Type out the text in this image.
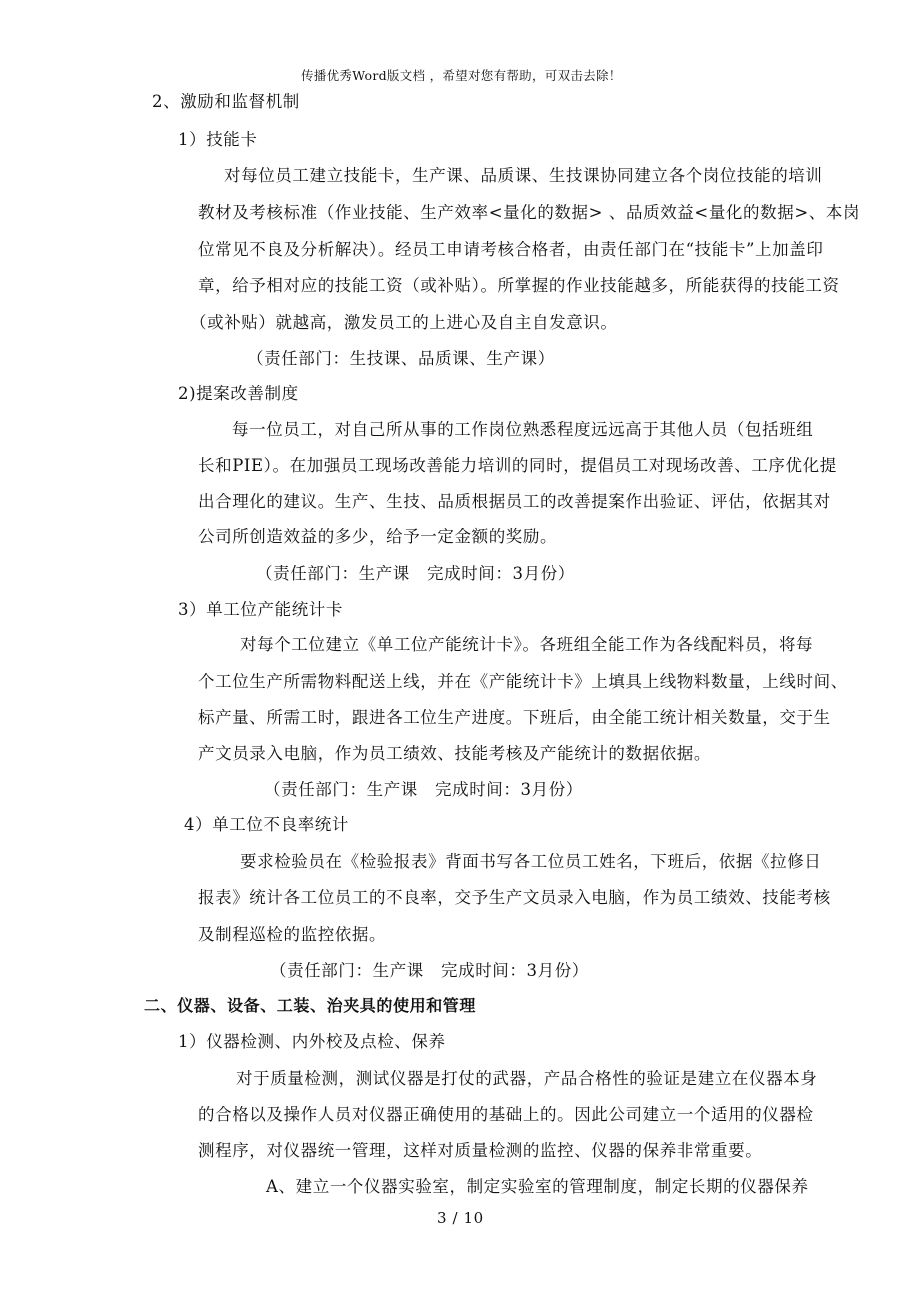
传播优秀Word版文档 ，希望对您有帮助，可双击去除！
2、激励和监督机制
1）技能卡
对每位员工建立技能卡，生产课、品质课、生技课协同建立各个岗位技能的培训
教材及考核标准（作业技能、生产效率<量化的数据> 、品质效益<量化的数据>、本岗
位常见不良及分析解决）。经员工申请考核合格者，由责任部门在“技能卡”上加盖印
章，给予相对应的技能工资（或补贴）。所掌握的作业技能越多，所能获得的技能工资
（或补贴）就越高，激发员工的上进心及自主自发意识。
（责任部门：生技课、品质课、生产课）
2)提案改善制度
每一位员工，对自己所从事的工作岗位熟悉程度远远高于其他人员（包括班组
长和PIE）。在加强员工现场改善能力培训的同时，提倡员工对现场改善、工序优化提
出合理化的建议。生产、生技、品质根据员工的改善提案作出验证、评估，依据其对
公司所创造效益的多少，给予一定金额的奖励。
（责任部门：生产课　完成时间：3月份）
3）单工位产能统计卡
对每个工位建立《单工位产能统计卡》。各班组全能工作为各线配料员，将每
个工位生产所需物料配送上线，并在《产能统计卡》上填具上线物料数量，上线时间、
标产量、所需工时，跟进各工位生产进度。下班后，由全能工统计相关数量，交于生
产文员录入电脑，作为员工绩效、技能考核及产能统计的数据依据。
（责任部门：生产课　完成时间：3月份）
4）单工位不良率统计
要求检验员在《检验报表》背面书写各工位员工姓名，下班后，依据《拉修日
报表》统计各工位员工的不良率，交予生产文员录入电脑，作为员工绩效、技能考核
及制程巡检的监控依据。
（责任部门：生产课　完成时间：3月份）
二、仪器、设备、工装、治夹具的使用和管理
1）仪器检测、内外校及点检、保养
对于质量检测，测试仪器是打仗的武器，产品合格性的验证是建立在仪器本身
的合格以及操作人员对仪器正确使用的基础上的。因此公司建立一个适用的仪器检
测程序，对仪器统一管理，这样对质量检测的监控、仪器的保养非常重要。
A、建立一个仪器实验室，制定实验室的管理制度，制定长期的仪器保养
3 / 10
